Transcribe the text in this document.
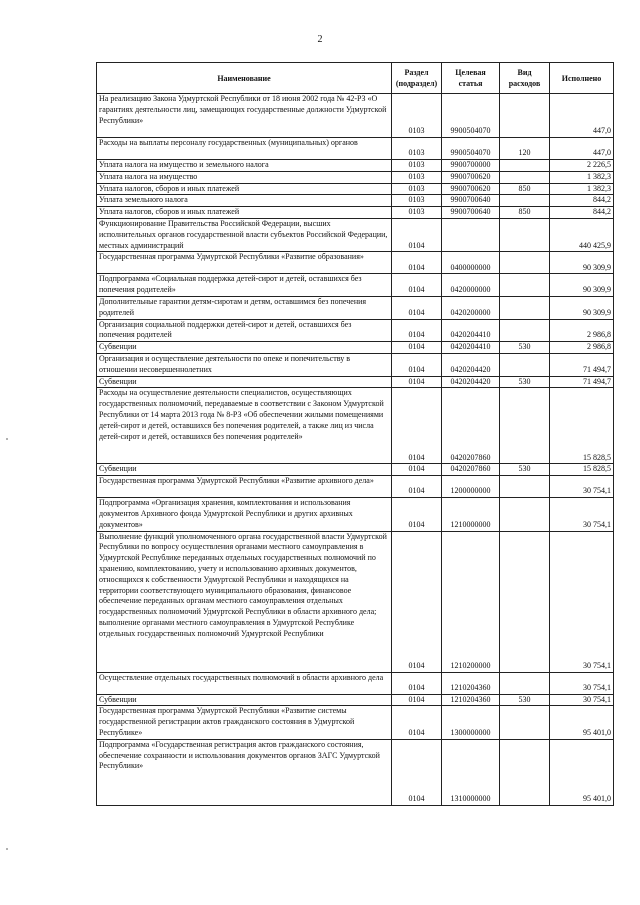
2
Наименование	Раздел (подраздел)	Целевая статья	Вид расходов	Исполнено
На реализацию Закона Удмуртской Республики от 18 июня 2002 года № 42-РЗ «О гарантиях деятельности лиц, замещающих государственные должности Удмуртской Республики»	0103	9900504070		447,0
Расходы на выплаты персоналу государственных (муниципальных) органов	0103	9900504070	120	447,0
Уплата налога на имущество и земельного налога	0103	9900700000		2 226,5
Уплата налога на имущество	0103	9900700620		1 382,3
Уплата налогов, сборов и иных платежей	0103	9900700620	850	1 382,3
Уплата земельного налога	0103	9900700640		844,2
Уплата налогов, сборов и иных платежей	0103	9900700640	850	844,2
Функционирование Правительства Российской Федерации, высших исполнительных органов государственной власти субъектов Российской Федерации, местных администраций	0104			440 425,9
Государственная программа Удмуртской Республики «Развитие образования»	0104	0400000000		90 309,9
Подпрограмма «Социальная поддержка детей-сирот и детей, оставшихся без попечения родителей»	0104	0420000000		90 309,9
Дополнительные гарантии детям-сиротам и детям, оставшимся без попечения родителей	0104	0420200000		90 309,9
Организация социальной поддержки детей-сирот и детей, оставшихся без попечения родителей	0104	0420204410		2 986,8
Субвенции	0104	0420204410	530	2 986,8
Организация и осуществление деятельности по опеке и попечительству в отношении несовершеннолетних	0104	0420204420		71 494,7
Субвенции	0104	0420204420	530	71 494,7
Расходы на осуществление деятельности специалистов, осуществляющих государственных полномочий, передаваемые в соответствии с Законом Удмуртской Республики от 14 марта 2013 года № 8-РЗ «Об обеспечении жилыми помещениями детей-сирот и детей, оставшихся без попечения родителей, а также лиц из числа детей-сирот и детей, оставшихся без попечения родителей»	0104	0420207860		15 828,5
Субвенции	0104	0420207860	530	15 828,5
Государственная программа Удмуртской Республики «Развитие архивного дела»	0104	1200000000		30 754,1
Подпрограмма «Организация хранения, комплектования и использования документов Архивного фонда Удмуртской Республики и других архивных документов»	0104	1210000000		30 754,1
Выполнение функций уполномоченного органа государственной власти Удмуртской Республики по вопросу осуществления органами местного самоуправления в Удмуртской Республике переданных отдельных государственных полномочий по хранению, комплектованию, учету и использованию архивных документов, относящихся к собственности Удмуртской Республики и находящихся на территории соответствующего муниципального образования, финансовое обеспечение переданных органам местного самоуправления отдельных государственных полномочий Удмуртской Республики в области архивного дела; выполнение органами местного самоуправления в Удмуртской Республике отдельных государственных полномочий Удмуртской Республики	0104	1210200000		30 754,1
Осуществление отдельных государственных полномочий в области архивного дела	0104	1210204360		30 754,1
Субвенции	0104	1210204360	530	30 754,1
Государственная программа Удмуртской Республики «Развитие системы государственной регистрации актов гражданского состояния в Удмуртской Республике»	0104	1300000000		95 401,0
Подпрограмма «Государственная регистрация актов гражданского состояния, обеспечение сохранности и использования документов органов ЗАГС Удмуртской Республики»	0104	1310000000		95 401,0
